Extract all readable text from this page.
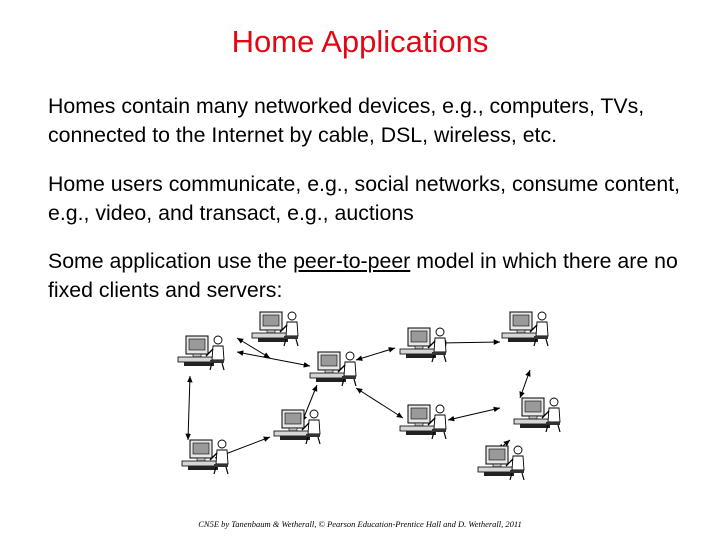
Home Applications

Homes contain many networked devices, e.g., computers, TVs, connected to the Internet by cable, DSL, wireless, etc.

Home users communicate, e.g., social networks, consume content, e.g., video, and transact, e.g., auctions

Some application use the peer-to-peer model in which there are no fixed clients and servers:

CN5E by Tanenbaum & Wetherall, © Pearson Education-Prentice Hall and D. Wetherall, 2011
